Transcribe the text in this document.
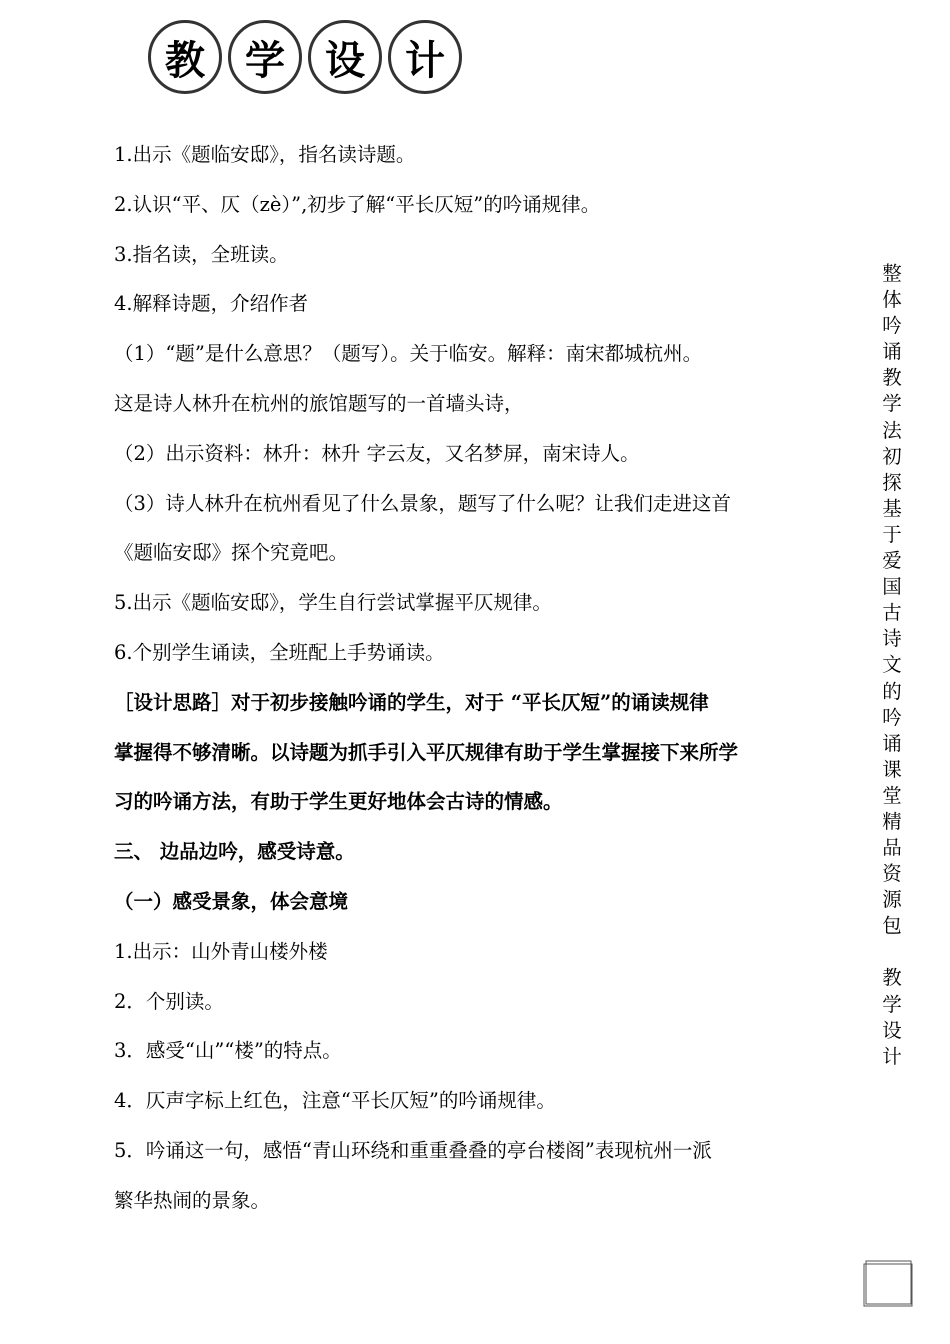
教	学	设	计
1.出示《题临安邸》，指名读诗题。
2.认识“平、仄（zè）”,初步了解“平长仄短”的吟诵规律。
3.指名读，全班读。
4.解释诗题，介绍作者
（1）“题”是什么意思？（题写）。关于临安。解释：南宋都城杭州。
这是诗人林升在杭州的旅馆题写的一首墙头诗，
（2）出示资料：林升：林升 字云友，又名梦屏，南宋诗人。
（3）诗人林升在杭州看见了什么景象，题写了什么呢？让我们走进这首
《题临安邸》探个究竟吧。
5.出示《题临安邸》，学生自行尝试掌握平仄规律。
6.个别学生诵读，全班配上手势诵读。
［设计思路］对于初步接触吟诵的学生，对于 “平长仄短”的诵读规律
掌握得不够清晰。以诗题为抓手引入平仄规律有助于学生掌握接下来所学
习的吟诵方法，有助于学生更好地体会古诗的情感。
三、 边品边吟，感受诗意。
（一）感受景象，体会意境
1.出示：山外青山楼外楼
2．个别读。
3．感受“山”“楼”的特点。
4．仄声字标上红色，注意“平长仄短”的吟诵规律。
5．吟诵这一句，感悟“青山环绕和重重叠叠的亭台楼阁”表现杭州一派
繁华热闹的景象。
整
体
吟
诵
教
学
法
初
探
基
于
爱
国
古
诗
文
的
吟
诵
课
堂
精
品
资
源
包
教
学
设
计
